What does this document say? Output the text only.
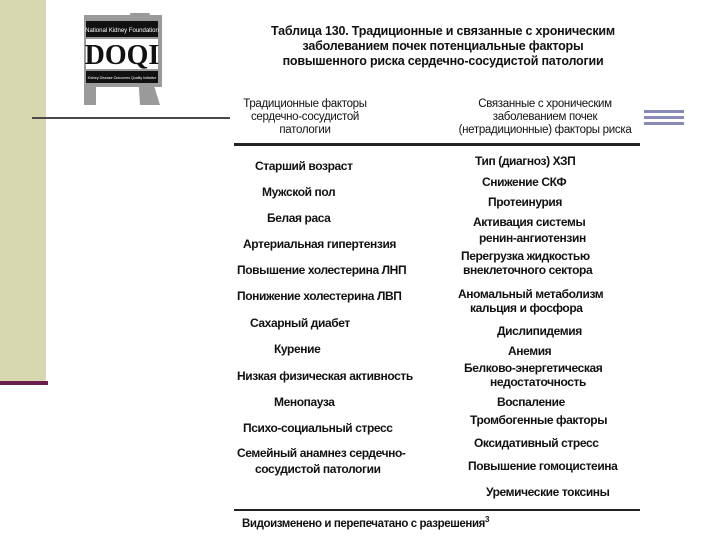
National Kidney Foundation
DOQI
Kidney Disease Outcomes Quality Initiative
Таблица 130. Традиционные и связанные с хроническим
заболеванием почек потенциальные факторы
повышенного риска сердечно-сосудистой патологии
Традиционные факторы
сердечно-сосудистой
патологии
Связанные с хроническим
заболеванием почек
(нетрадиционные) факторы риска
Старший возраст
Мужской пол
Белая раса
Артериальная гипертензия
Повышение холестерина ЛНП
Понижение холестерина ЛВП
Сахарный диабет
Курение
Низкая физическая активность
Менопауза
Психо-социальный стресс
Семейный анамнез сердечно-
сосудистой патологии
Тип (диагноз) ХЗП
Снижение СКФ
Протеинурия
Активация системы
ренин-ангиотензин
Перегрузка жидкостью
внеклеточного сектора
Аномальный метаболизм
кальция и фосфора
Дислипидемия
Анемия
Белково-энергетическая
недостаточность
Воспаление
Тромбогенные факторы
Оксидативный стресс
Повышение гомоцистеина
Уремические токсины
Видоизменено и перепечатано с разрешения$^3$
